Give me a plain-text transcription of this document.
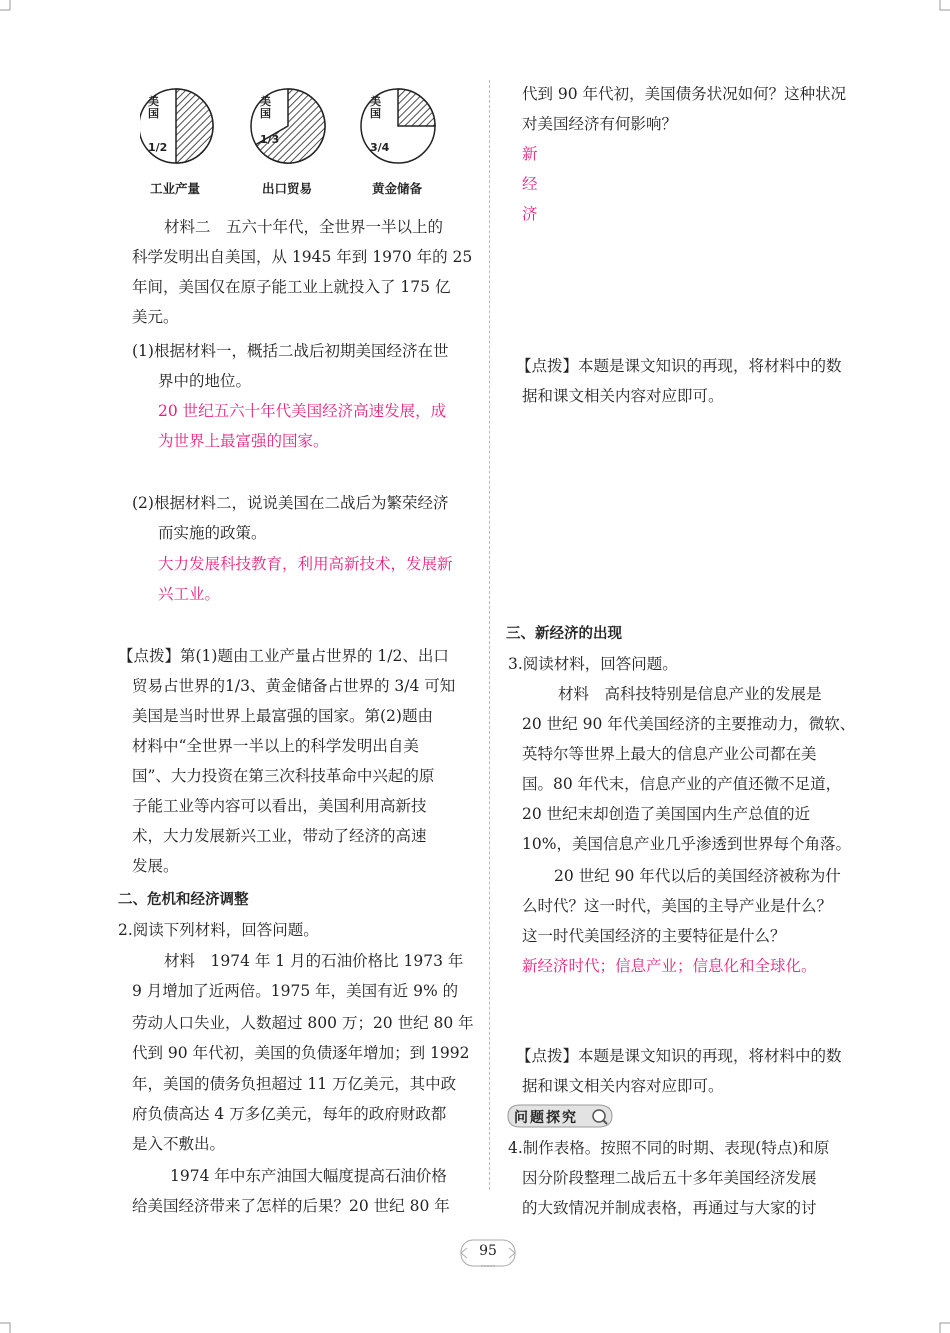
美国
1/2
工业产量
美国
1/3
出口贸易
美国
3/4
黄金储备
材料二　五六十年代，全世界一半以上的
科学发明出自美国，从 1945 年到 1970 年的 25
年间，美国仅在原子能工业上就投入了 175 亿
美元。
(1)根据材料一，概括二战后初期美国经济在世
界中的地位。
20 世纪五六十年代美国经济高速发展，成
为世界上最富强的国家。
(2)根据材料二，说说美国在二战后为繁荣经济
而实施的政策。
大力发展科技教育，利用高新技术，发展新
兴工业。
【点拨】第(1)题由工业产量占世界的 1/2、出口
贸易占世界的1/3、黄金储备占世界的 3/4 可知
美国是当时世界上最富强的国家。第(2)题由
材料中“全世界一半以上的科学发明出自美
国”、大力投资在第三次科技革命中兴起的原
子能工业等内容可以看出，美国利用高新技
术，大力发展新兴工业，带动了经济的高速
发展。
二、危机和经济调整
2.阅读下列材料，回答问题。
材料　1974 年 1 月的石油价格比 1973 年
9 月增加了近两倍。1975 年，美国有近 9% 的
劳动人口失业，人数超过 800 万；20 世纪 80 年
代到 90 年代初，美国的负债逐年增加；到 1992
年，美国的债务负担超过 11 万亿美元，其中政
府负债高达 4 万多亿美元，每年的政府财政都
是入不敷出。
1974 年中东产油国大幅度提高石油价格
给美国经济带来了怎样的后果？20 世纪 80 年
代到 90 年代初，美国债务状况如何？这种状况
对美国经济有何影响？
新
经
济
【点拨】本题是课文知识的再现，将材料中的数
据和课文相关内容对应即可。
三、新经济的出现
3.阅读材料，回答问题。
材料　高科技特别是信息产业的发展是
20 世纪 90 年代美国经济的主要推动力，微软、
英特尔等世界上最大的信息产业公司都在美
国。80 年代末，信息产业的产值还微不足道，
20 世纪末却创造了美国国内生产总值的近
10%，美国信息产业几乎渗透到世界每个角落。
20 世纪 90 年代以后的美国经济被称为什
么时代？这一时代，美国的主导产业是什么？
这一时代美国经济的主要特征是什么？
新经济时代；信息产业；信息化和全球化。
【点拨】本题是课文知识的再现，将材料中的数
据和课文相关内容对应即可。
4.制作表格。按照不同的时期、表现(特点)和原
因分阶段整理二战后五十多年美国经济发展
的大致情况并制成表格，再通过与大家的讨
问题探究
95
